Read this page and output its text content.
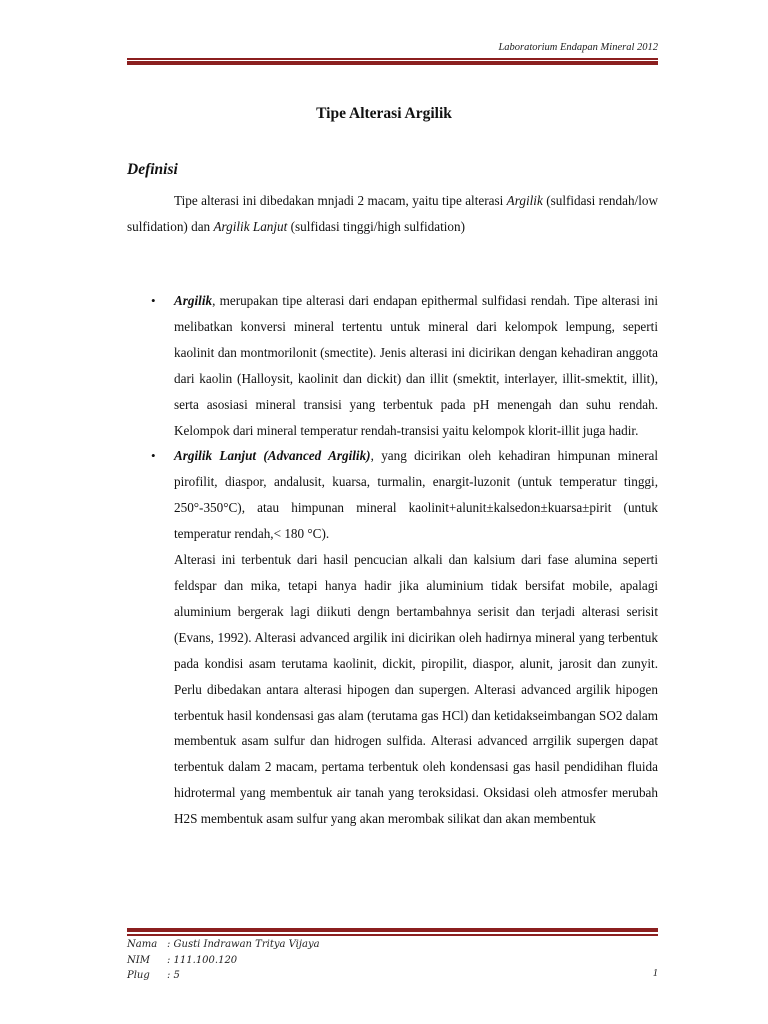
Laboratorium Endapan Mineral 2012
Tipe Alterasi Argilik
Definisi

Tipe alterasi ini dibedakan mnjadi 2 macam, yaitu tipe alterasi Argilik (sulfidasi rendah/low sulfidation) dan Argilik Lanjut (sulfidasi tinggi/high sulfidation)

• Argilik, merupakan tipe alterasi dari endapan epithermal sulfidasi rendah. Tipe alterasi ini melibatkan konversi mineral tertentu untuk mineral dari kelompok lempung, seperti kaolinit dan montmorilonit (smectite). Jenis alterasi ini dicirikan dengan kehadiran anggota dari kaolin (Halloysit, kaolinit dan dickit) dan illit (smektit, interlayer, illit-smektit, illit), serta asosiasi mineral transisi yang terbentuk pada pH menengah dan suhu rendah. Kelompok dari mineral temperatur rendah-transisi yaitu kelompok klorit-illit juga hadir.
• Argilik Lanjut (Advanced Argilik), yang dicirikan oleh kehadiran himpunan mineral pirofilit, diaspor, andalusit, kuarsa, turmalin, enargit-luzonit (untuk temperatur tinggi, 250°-350°C), atau himpunan mineral kaolinit+alunit±kalsedon±kuarsa±pirit (untuk temperatur rendah,< 180 °C).
Alterasi ini terbentuk dari hasil pencucian alkali dan kalsium dari fase alumina seperti feldspar dan mika, tetapi hanya hadir jika aluminium tidak bersifat mobile, apalagi aluminium bergerak lagi diikuti dengn bertambahnya serisit dan terjadi alterasi serisit (Evans, 1992). Alterasi advanced argilik ini dicirikan oleh hadirnya mineral yang terbentuk pada kondisi asam terutama kaolinit, dickit, piropilit, diaspor, alunit, jarosit dan zunyit. Perlu dibedakan antara alterasi hipogen dan supergen. Alterasi advanced argilik hipogen terbentuk hasil kondensasi gas alam (terutama gas HCl) dan ketidakseimbangan SO2 dalam membentuk asam sulfur dan hidrogen sulfida. Alterasi advanced arrgilik supergen dapat terbentuk dalam 2 macam, pertama terbentuk oleh kondensasi gas hasil pendidihan fluida hidrotermal yang membentuk air tanah yang teroksidasi. Oksidasi oleh atmosfer merubah H2S membentuk asam sulfur yang akan merombak silikat dan akan membentuk
Nama : Gusti Indrawan Tritya Vijaya
NIM : 111.100.120
Plug : 5	1
